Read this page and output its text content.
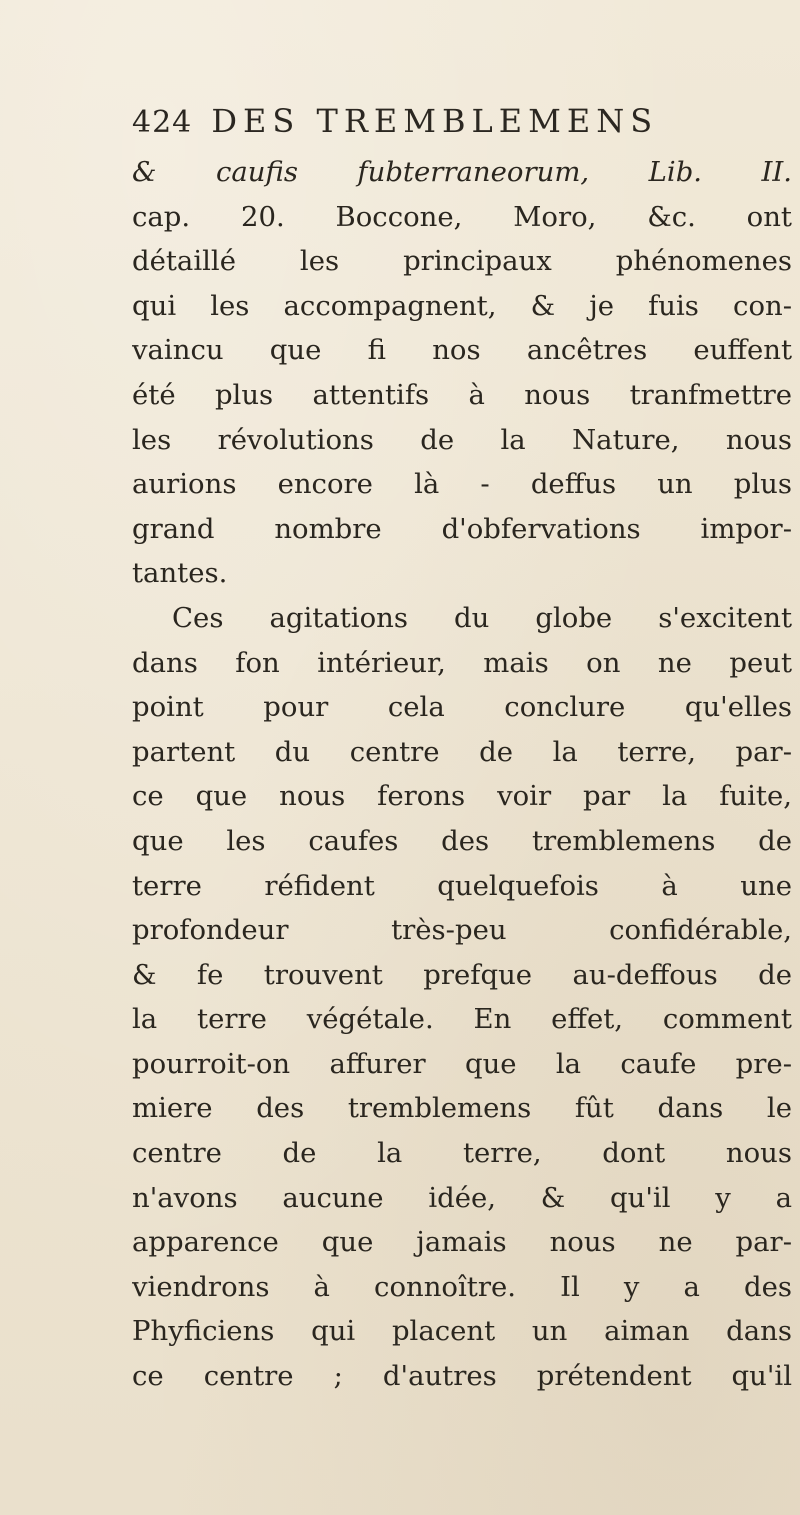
424 DES TREMBLEMENS
& caufis fubterraneorum, Lib. II.
cap. 20. Boccone, Moro, &c. ont
détaillé les principaux phénomenes
qui les accompagnent, & je fuis con-
vaincu que fi nos ancêtres euffent
été plus attentifs à nous tranfmettre
les révolutions de la Nature, nous
aurions encore là - deffus un plus
grand nombre d'obfervations impor-
tantes.
Ces agitations du globe s'excitent
dans fon intérieur, mais on ne peut
point pour cela conclure qu'elles
partent du centre de la terre, par-
ce que nous ferons voir par la fuite,
que les caufes des tremblemens de
terre réfident quelquefois à une
profondeur très-peu confidérable,
& fe trouvent prefque au-deffous de
la terre végétale. En effet, comment
pourroit-on affurer que la caufe pre-
miere des tremblemens fût dans le
centre de la terre, dont nous
n'avons aucune idée, & qu'il y a
apparence que jamais nous ne par-
viendrons à connoître. Il y a des
Phyficiens qui placent un aiman dans
ce centre ; d'autres prétendent qu'il
